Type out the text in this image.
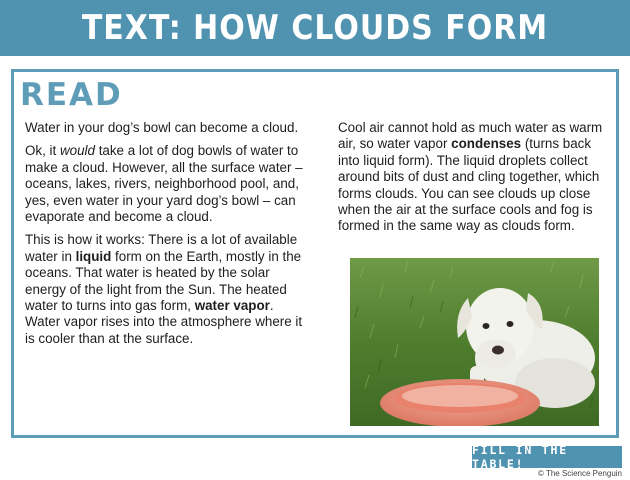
TEXT: HOW CLOUDS FORM
READ

Water in your dog’s bowl can become a cloud.

Ok, it would take a lot of dog bowls of water to make a cloud. However, all the surface water – oceans, lakes, rivers, neighborhood pool, and, yes, even water in your yard dog’s bowl – can evaporate and become a cloud.

This is how it works: There is a lot of available water in liquid form on the Earth, mostly in the oceans. That water is heated by the solar energy of the light from the Sun. The heated water to turns into gas form, water vapor. Water vapor rises into the atmosphere where it is cooler than at the surface.

Cool air cannot hold as much water as warm air, so water vapor condenses (turns back into liquid form). The liquid droplets collect around bits of dust and cling together, which forms clouds. You can see clouds up close when the air at the surface cools and fog is formed in the same way as clouds form.

FILL IN THE TABLE!
© The Science Penguin
